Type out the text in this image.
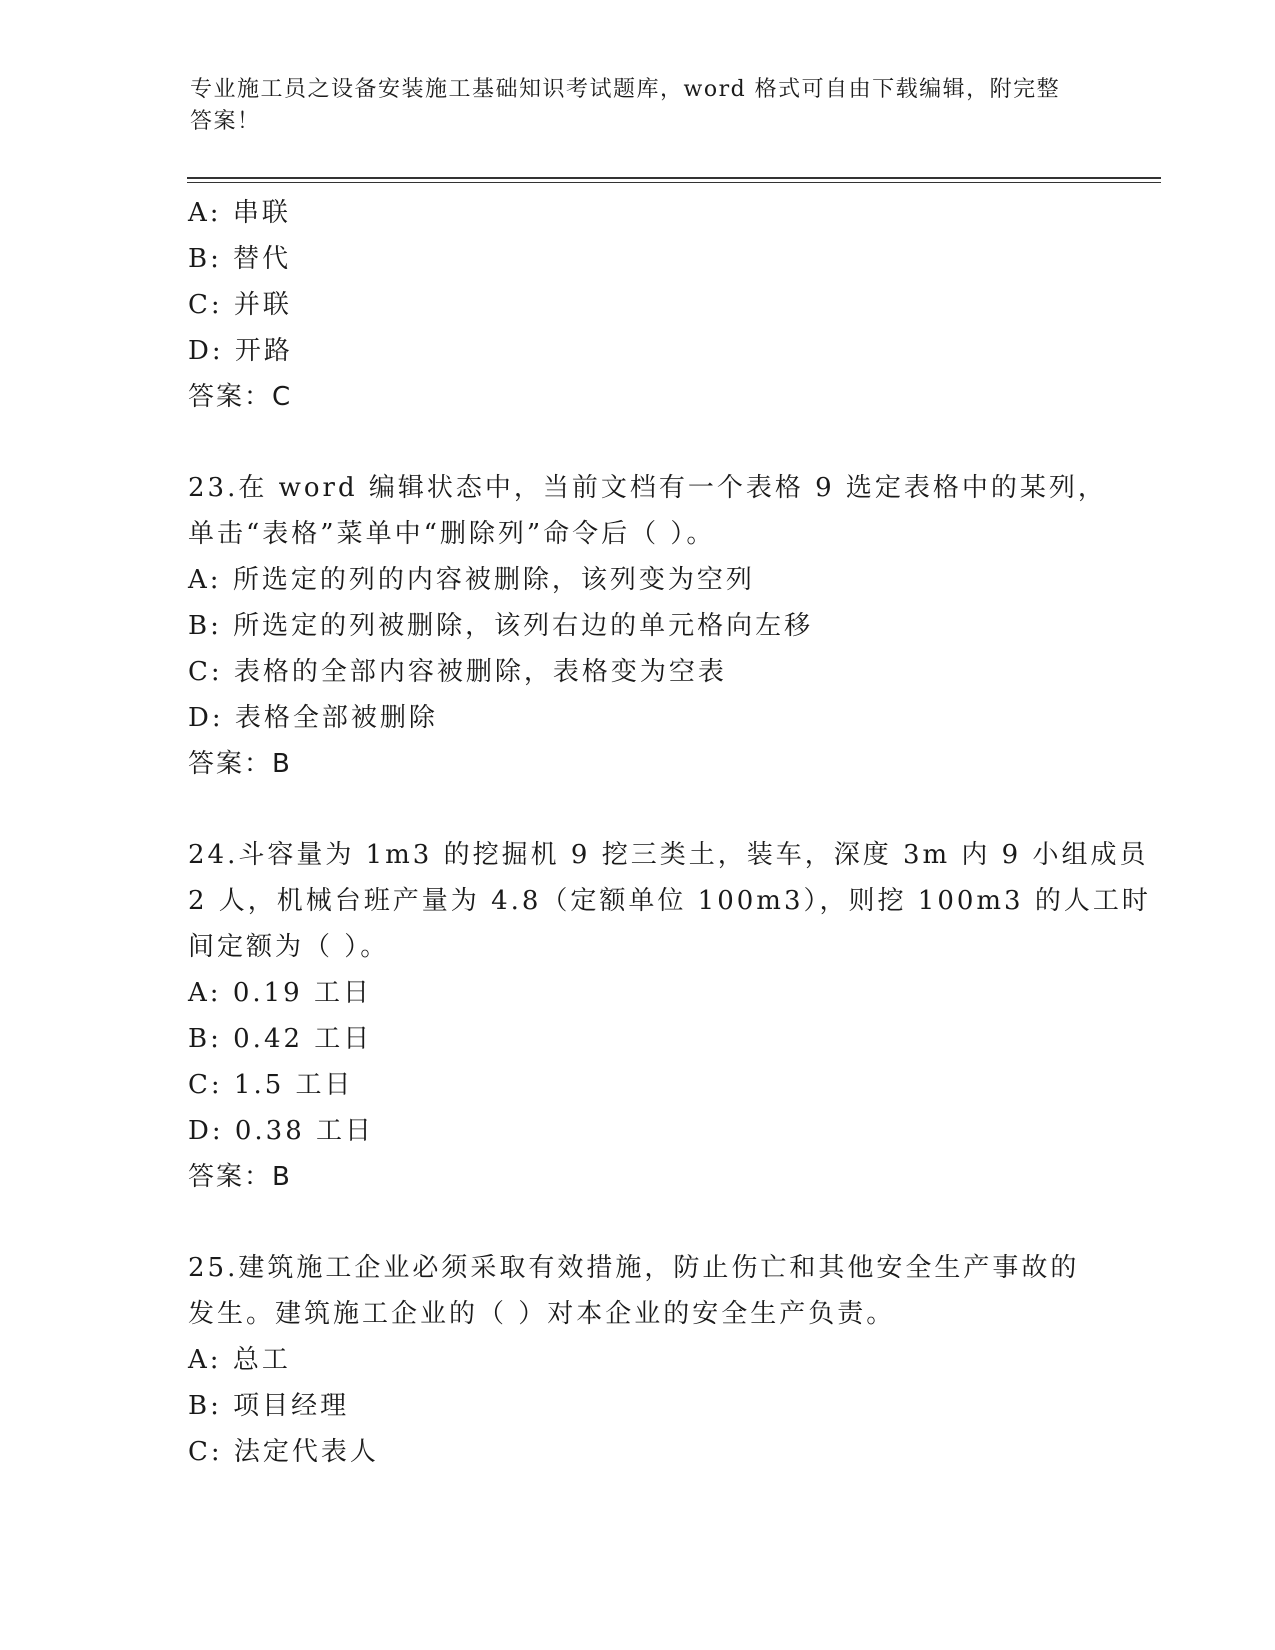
专业施工员之设备安装施工基础知识考试题库，word 格式可自由下载编辑，附完整答案！
A: 串联
B: 替代
C: 并联
D: 开路
答案：C
23.在 word 编辑状态中，当前文档有一个表格 9 选定表格中的某列，
单击“表格”菜单中“删除列”命令后（ ）。
A: 所选定的列的内容被删除，该列变为空列
B: 所选定的列被删除，该列右边的单元格向左移
C: 表格的全部内容被删除，表格变为空表
D: 表格全部被删除
答案：B
24.斗容量为 1m3 的挖掘机 9 挖三类土，装车，深度 3m 内 9 小组成员
2 人，机械台班产量为 4.8（定额单位 100m3），则挖 100m3 的人工时
间定额为（ ）。
A: 0.19 工日
B: 0.42 工日
C: 1.5 工日
D: 0.38 工日
答案：B
25.建筑施工企业必须采取有效措施，防止伤亡和其他安全生产事故的
发生。建筑施工企业的（ ）对本企业的安全生产负责。
A: 总工
B: 项目经理
C: 法定代表人
